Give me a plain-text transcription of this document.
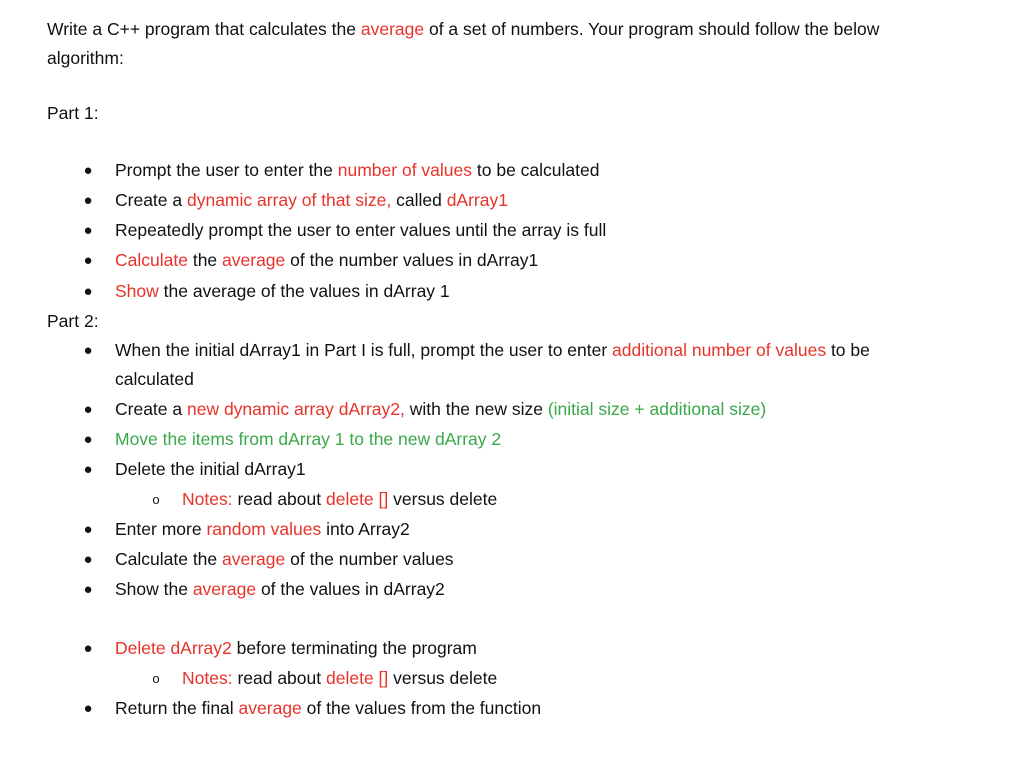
Write a C++ program that calculates the average of a set of numbers. Your program should follow the below algorithm:

Part 1:

● Prompt the user to enter the number of values to be calculated
● Create a dynamic array of that size, called dArray1
● Repeatedly prompt the user to enter values until the array is full
● Calculate the average of the number values in dArray1
● Show the average of the values in dArray 1

Part 2:

● When the initial dArray1 in Part I is full, prompt the user to enter additional number of values to be calculated
● Create a new dynamic array dArray2, with the new size (initial size + additional size)
● Move the items from dArray 1 to the new dArray 2
● Delete the initial dArray1
o Notes: read about delete [] versus delete
● Enter more random values into Array2
● Calculate the average of the number values
● Show the average of the values in dArray2
● Delete dArray2 before terminating the program
o Notes: read about delete [] versus delete
● Return the final average of the values from the function
